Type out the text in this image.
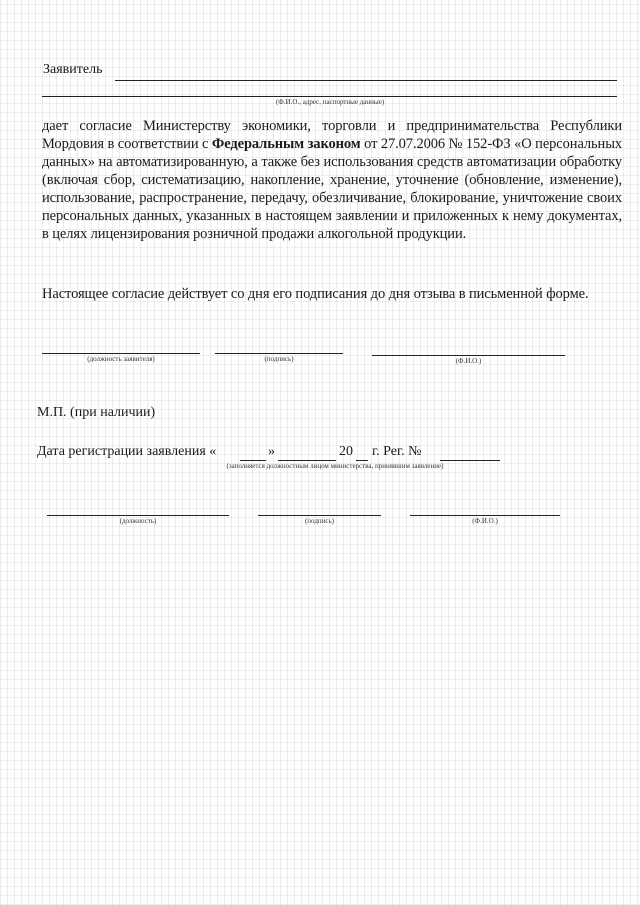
Заявитель
(Ф.И.О., адрес, паспортные данные)
дает согласие Министерству экономики, торговли и предпринимательства Республики Мордовия в соответствии с Федеральным законом от 27.07.2006 № 152-ФЗ «О персональных данных» на автоматизированную, а также без использования средств автоматизации обработку (включая сбор, систематизацию, накопление, хранение, уточнение (обновление, изменение), использование, распространение, передачу, обезличивание, блокирование, уничтожение своих персональных данных, указанных в настоящем заявлении и приложенных к нему документах, в целях лицензирования розничной продажи алкогольной продукции.
Настоящее согласие действует со дня его подписания до дня отзыва в письменной форме.
(должность заявителя)	(подпись)	(Ф.И.О.)
М.П. (при наличии)
Дата регистрации заявления «	»	20 г. Рег. №
(заполняется должностным лицом министерства, принявшим заявление)
(должность)	(подпись)	(Ф.И.О.)
